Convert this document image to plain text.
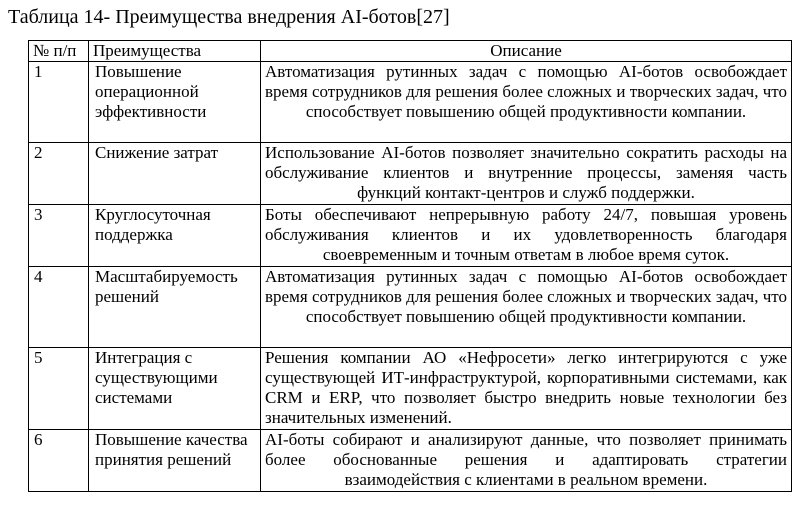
Таблица 14- Преимущества внедрения AI-ботов[27]
№ п/п	Преимущества	Описание
1	Повышение операционной эффективности	Автоматизация рутинных задач с помощью AI-ботов освобождает время сотрудников для решения более сложных и творческих задач, что способствует повышению общей продуктивности компании.
2	Снижение затрат	Использование AI-ботов позволяет значительно сократить расходы на обслуживание клиентов и внутренние процессы, заменяя часть функций контакт-центров и служб поддержки.
3	Круглосуточная поддержка	Боты обеспечивают непрерывную работу 24/7, повышая уровень обслуживания клиентов и их удовлетворенность благодаря своевременным и точным ответам в любое время суток.
4	Масштабируемость решений	Автоматизация рутинных задач с помощью AI-ботов освобождает время сотрудников для решения более сложных и творческих задач, что способствует повышению общей продуктивности компании.
5	Интеграция с существующими системами	Решения компании АО «Нефросети» легко интегрируются с уже существующей ИТ-инфраструктурой, корпоративными системами, как CRM и ERP, что позволяет быстро внедрить новые технологии без значительных изменений.
6	Повышение качества принятия решений	AI-боты собирают и анализируют данные, что позволяет принимать более обоснованные решения и адаптировать стратегии взаимодействия с клиентами в реальном времени.
